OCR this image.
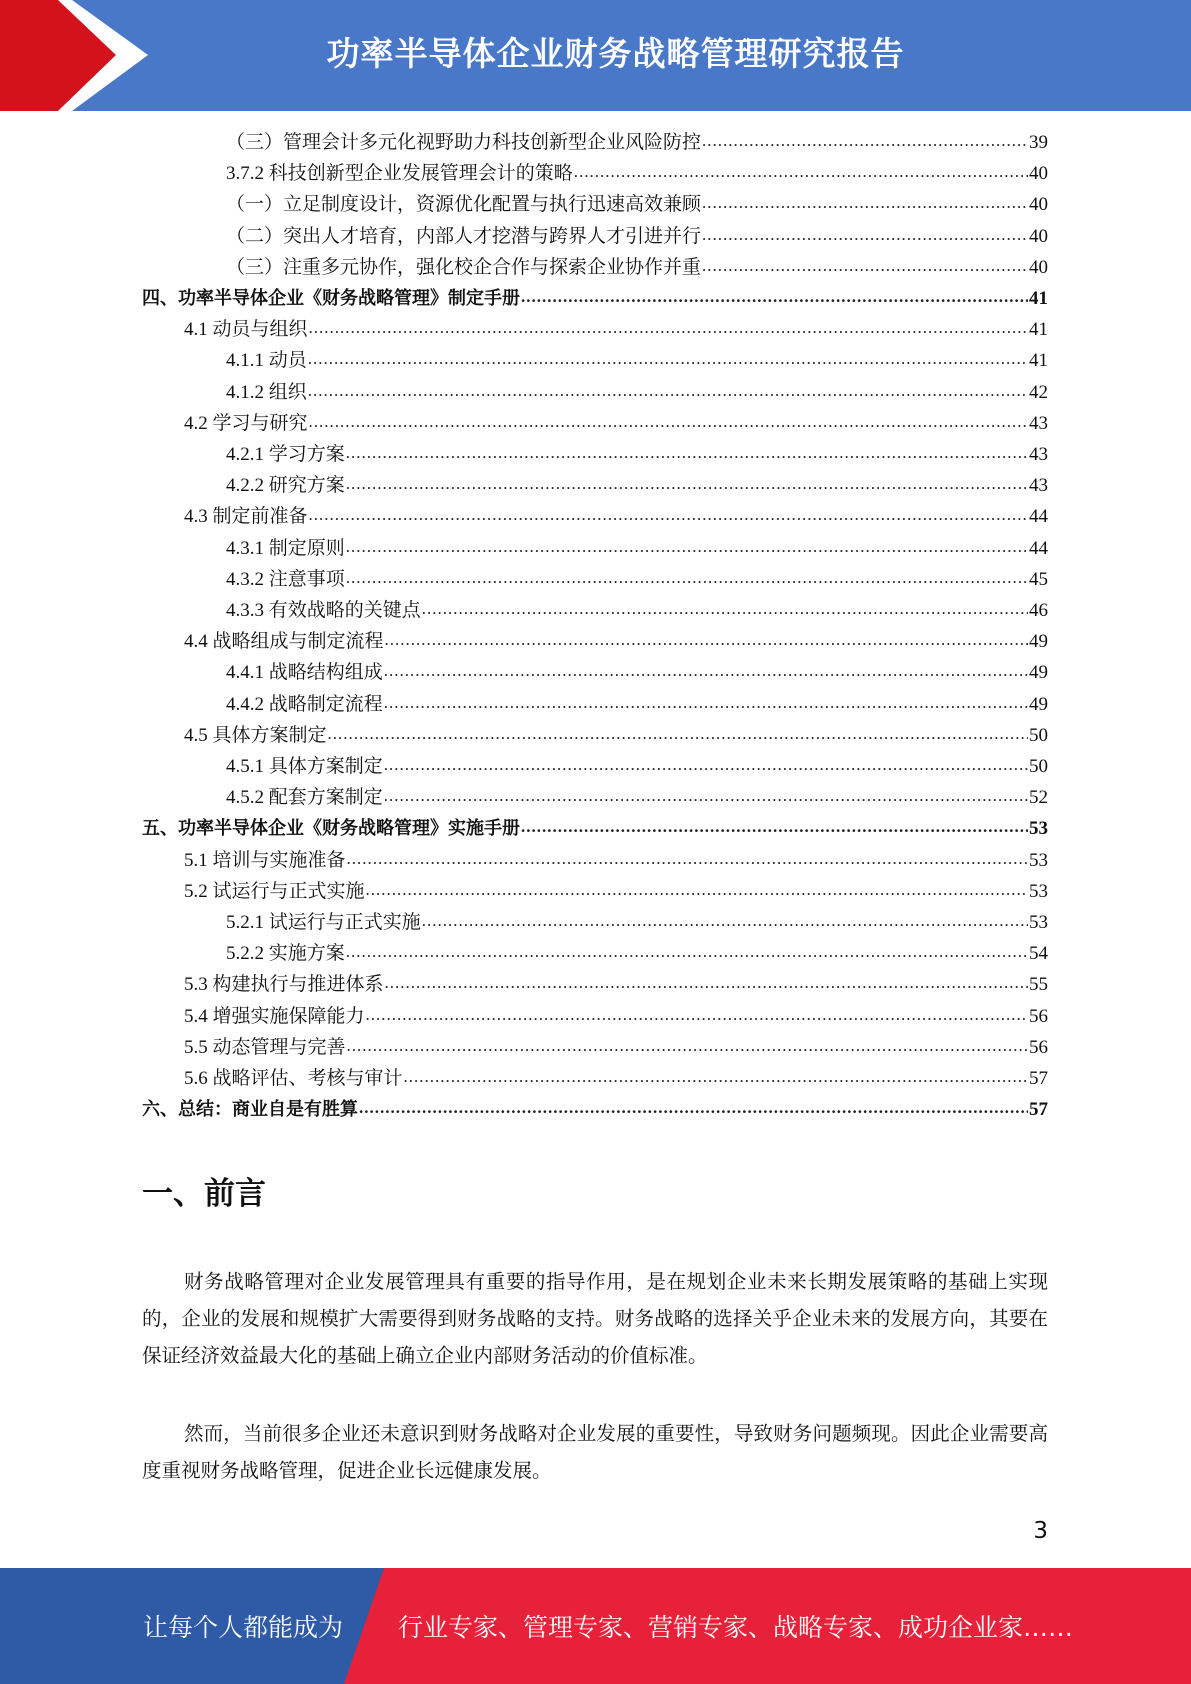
功率半导体企业财务战略管理研究报告
（三）管理会计多元化视野助力科技创新型企业风险防控 .....	39
3.7.2 科技创新型企业发展管理会计的策略 .....	40
（一）立足制度设计，资源优化配置与执行迅速高效兼顾 .....	40
（二）突出人才培育，内部人才挖潜与跨界人才引进并行 .....	40
（三）注重多元协作，强化校企合作与探索企业协作并重 .....	40
四、功率半导体企业《财务战略管理》制定手册 .....	41
4.1 动员与组织 .....	41
4.1.1 动员 .....	41
4.1.2 组织 .....	42
4.2 学习与研究 .....	43
4.2.1 学习方案 .....	43
4.2.2 研究方案 .....	43
4.3 制定前准备 .....	44
4.3.1 制定原则 .....	44
4.3.2 注意事项 .....	45
4.3.3 有效战略的关键点 .....	46
4.4 战略组成与制定流程 .....	49
4.4.1 战略结构组成 .....	49
4.4.2 战略制定流程 .....	49
4.5 具体方案制定 .....	50
4.5.1 具体方案制定 .....	50
4.5.2 配套方案制定 .....	52
五、功率半导体企业《财务战略管理》实施手册 .....	53
5.1 培训与实施准备 .....	53
5.2 试运行与正式实施 .....	53
5.2.1 试运行与正式实施 .....	53
5.2.2 实施方案 .....	54
5.3 构建执行与推进体系 .....	55
5.4 增强实施保障能力 .....	56
5.5 动态管理与完善 .....	56
5.6 战略评估、考核与审计 .....	57
六、总结：商业自是有胜算 .....	57
一、前言

财务战略管理对企业发展管理具有重要的指导作用，是在规划企业未来长期发展策略的基础上实现的，企业的发展和规模扩大需要得到财务战略的支持。财务战略的选择关乎企业未来的发展方向，其要在保证经济效益最大化的基础上确立企业内部财务活动的价值标准。

然而，当前很多企业还未意识到财务战略对企业发展的重要性，导致财务问题频现。因此企业需要高度重视财务战略管理，促进企业长远健康发展。

3
让每个人都能成为 行业专家、管理专家、营销专家、战略专家、成功企业家……
